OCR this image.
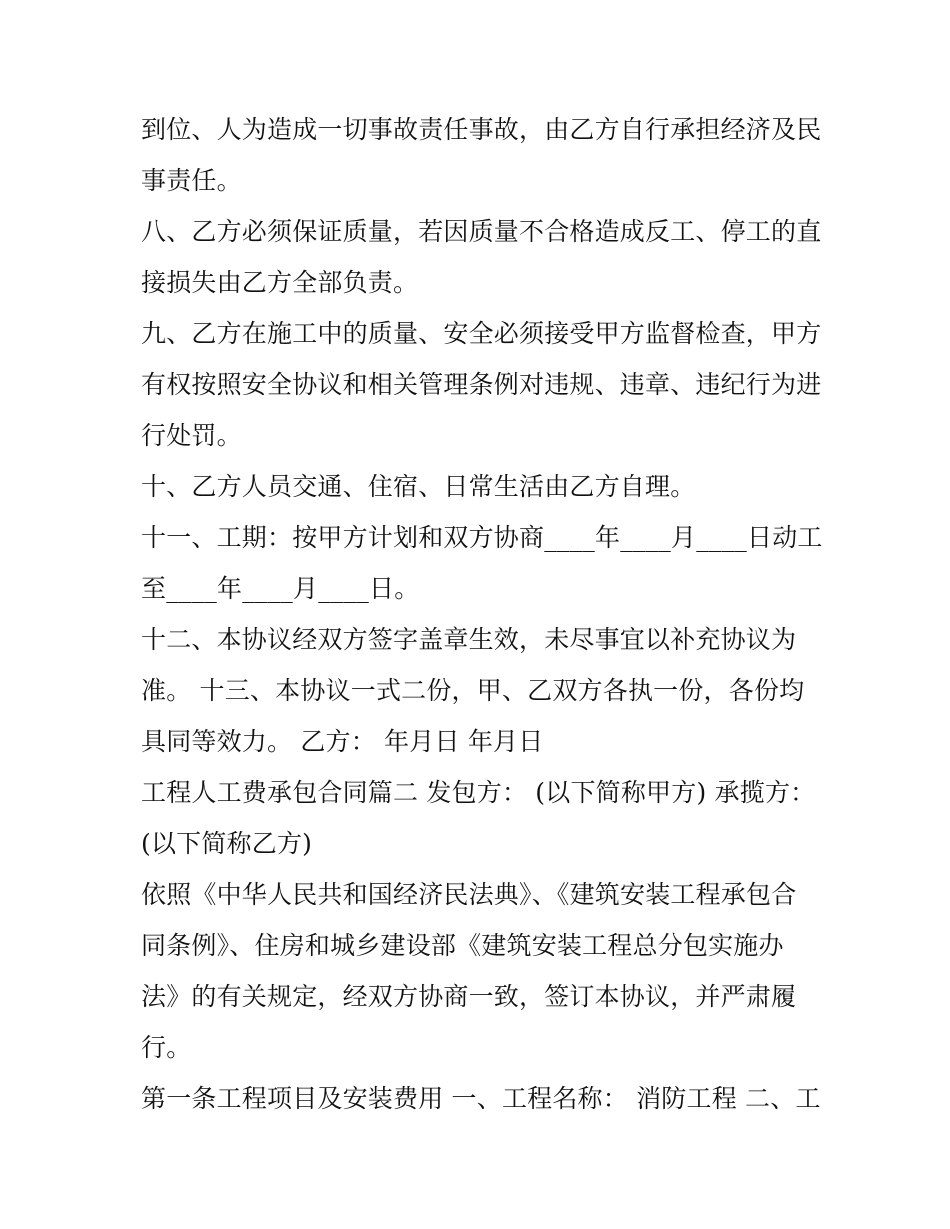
到位、人为造成一切事故责任事故，由乙方自行承担经济及民
事责任。
八、乙方必须保证质量，若因质量不合格造成反工、停工的直
接损失由乙方全部负责。
九、乙方在施工中的质量、安全必须接受甲方监督检查，甲方
有权按照安全协议和相关管理条例对违规、违章、违纪行为进
行处罚。
十、乙方人员交通、住宿、日常生活由乙方自理。
十一、工期：按甲方计划和双方协商____年____月____日动工
至____年____月____日。
十二、本协议经双方签字盖章生效，未尽事宜以补充协议为
准。 十三、本协议一式二份，甲、乙双方各执一份，各份均
具同等效力。 乙方： 年月日 年月日
工程人工费承包合同篇二 发包方： (以下简称甲方) 承揽方：
(以下简称乙方)
依照《中华人民共和国经济民法典》、《建筑安装工程承包合
同条例》、住房和城乡建设部《建筑安装工程总分包实施办
法》的有关规定，经双方协商一致，签订本协议，并严肃履
行。
第一条工程项目及安装费用 一、工程名称： 消防工程 二、工
